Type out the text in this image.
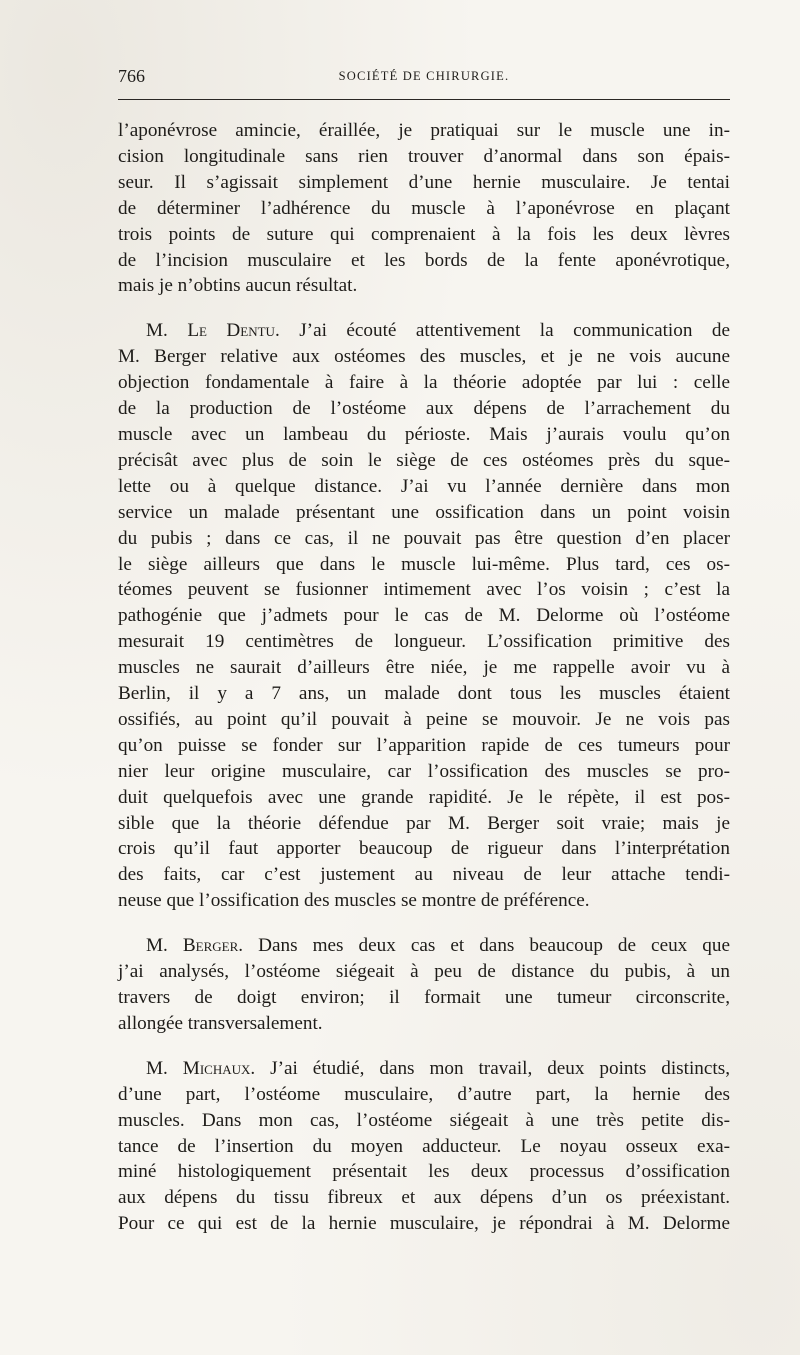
766	SOCIÉTÉ DE CHIRURGIE.
l’aponévrose amincie, éraillée, je pratiquai sur le muscle une in-
cision longitudinale sans rien trouver d’anormal dans son épais-
seur. Il s’agissait simplement d’une hernie musculaire. Je tentai
de déterminer l’adhérence du muscle à l’aponévrose en plaçant
trois points de suture qui comprenaient à la fois les deux lèvres
de l’incision musculaire et les bords de la fente aponévrotique,
mais je n’obtins aucun résultat.
M. Le Dentu. J’ai écouté attentivement la communication de
M. Berger relative aux ostéomes des muscles, et je ne vois aucune
objection fondamentale à faire à la théorie adoptée par lui : celle
de la production de l’ostéome aux dépens de l’arrachement du
muscle avec un lambeau du périoste. Mais j’aurais voulu qu’on
précisât avec plus de soin le siège de ces ostéomes près du sque-
lette ou à quelque distance. J’ai vu l’année dernière dans mon
service un malade présentant une ossification dans un point voisin
du pubis ; dans ce cas, il ne pouvait pas être question d’en placer
le siège ailleurs que dans le muscle lui-même. Plus tard, ces os-
téomes peuvent se fusionner intimement avec l’os voisin ; c’est la
pathogénie que j’admets pour le cas de M. Delorme où l’ostéome
mesurait 19 centimètres de longueur. L’ossification primitive des
muscles ne saurait d’ailleurs être niée, je me rappelle avoir vu à
Berlin, il y a 7 ans, un malade dont tous les muscles étaient
ossifiés, au point qu’il pouvait à peine se mouvoir. Je ne vois pas
qu’on puisse se fonder sur l’apparition rapide de ces tumeurs pour
nier leur origine musculaire, car l’ossification des muscles se pro-
duit quelquefois avec une grande rapidité. Je le répète, il est pos-
sible que la théorie défendue par M. Berger soit vraie; mais je
crois qu’il faut apporter beaucoup de rigueur dans l’interprétation
des faits, car c’est justement au niveau de leur attache tendi-
neuse que l’ossification des muscles se montre de préférence.
M. Berger. Dans mes deux cas et dans beaucoup de ceux que
j’ai analysés, l’ostéome siégeait à peu de distance du pubis, à un
travers de doigt environ; il formait une tumeur circonscrite,
allongée transversalement.
M. Michaux. J’ai étudié, dans mon travail, deux points distincts,
d’une part, l’ostéome musculaire, d’autre part, la hernie des
muscles. Dans mon cas, l’ostéome siégeait à une très petite dis-
tance de l’insertion du moyen adducteur. Le noyau osseux exa-
miné histologiquement présentait les deux processus d’ossification
aux dépens du tissu fibreux et aux dépens d’un os préexistant.
Pour ce qui est de la hernie musculaire, je répondrai à M. Delorme
